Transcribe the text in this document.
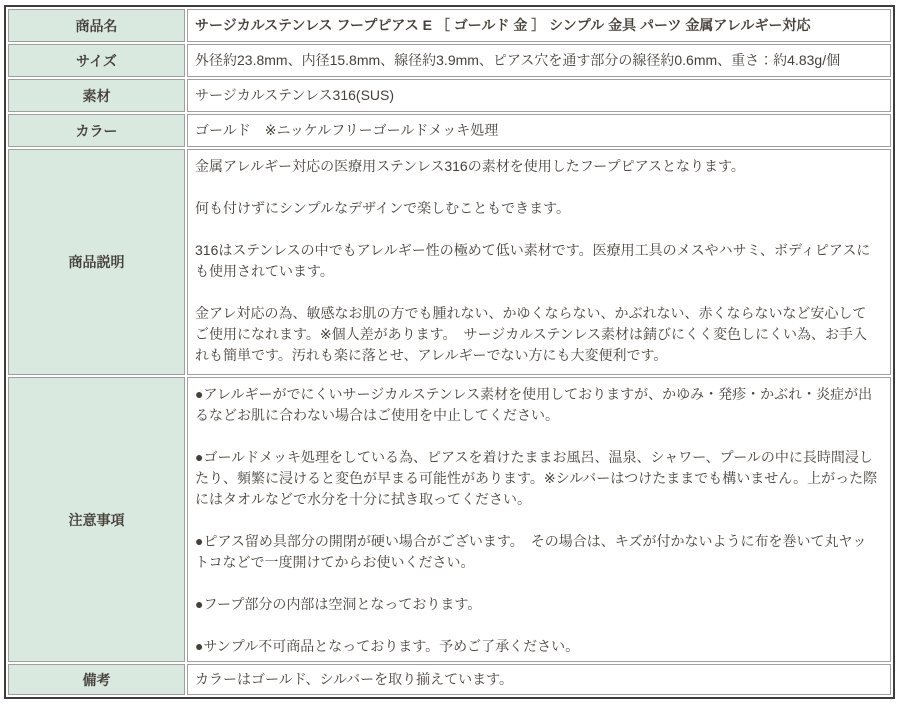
商品名	サージカルステンレス フープピアス E ［ ゴールド 金 ］ シンプル 金具 パーツ 金属アレルギー対応

サイズ	外径約23.8mm、内径15.8mm、線径約3.9mm、ピアス穴を通す部分の線径約0.6mm、重さ：約4.83g/個

素材	サージカルステンレス316(SUS)

カラー	ゴールド　※ニッケルフリーゴールドメッキ処理

商品説明	金属アレルギー対応の医療用ステンレス316の素材を使用したフープピアスとなります。

何も付けずにシンプルなデザインで楽しむこともできます。

316はステンレスの中でもアレルギー性の極めて低い素材です。医療用工具のメスやハサミ、ボディピアスにも使用されています。

金アレ対応の為、敏感なお肌の方でも腫れない、かゆくならない、かぶれない、赤くならないなど安心してご使用になれます。※個人差があります。　サージカルステンレス素材は錆びにくく変色しにくい為、お手入れも簡単です。汚れも楽に落とせ、アレルギーでない方にも大変便利です。

注意事項	●アレルギーがでにくいサージカルステンレス素材を使用しておりますが、かゆみ・発疹・かぶれ・炎症が出るなどお肌に合わない場合はご使用を中止してください。

●ゴールドメッキ処理をしている為、ピアスを着けたままお風呂、温泉、シャワー、プールの中に長時間浸したり、頻繁に浸けると変色が早まる可能性があります。※シルバーはつけたままでも構いません。上がった際にはタオルなどで水分を十分に拭き取ってください。

●ピアス留め具部分の開閉が硬い場合がございます。　その場合は、キズが付かないように布を巻いて丸ヤットコなどで一度開けてからお使いください。

●フープ部分の内部は空洞となっております。

●サンプル不可商品となっております。予めご了承ください。

備考	カラーはゴールド、シルバーを取り揃えています。
